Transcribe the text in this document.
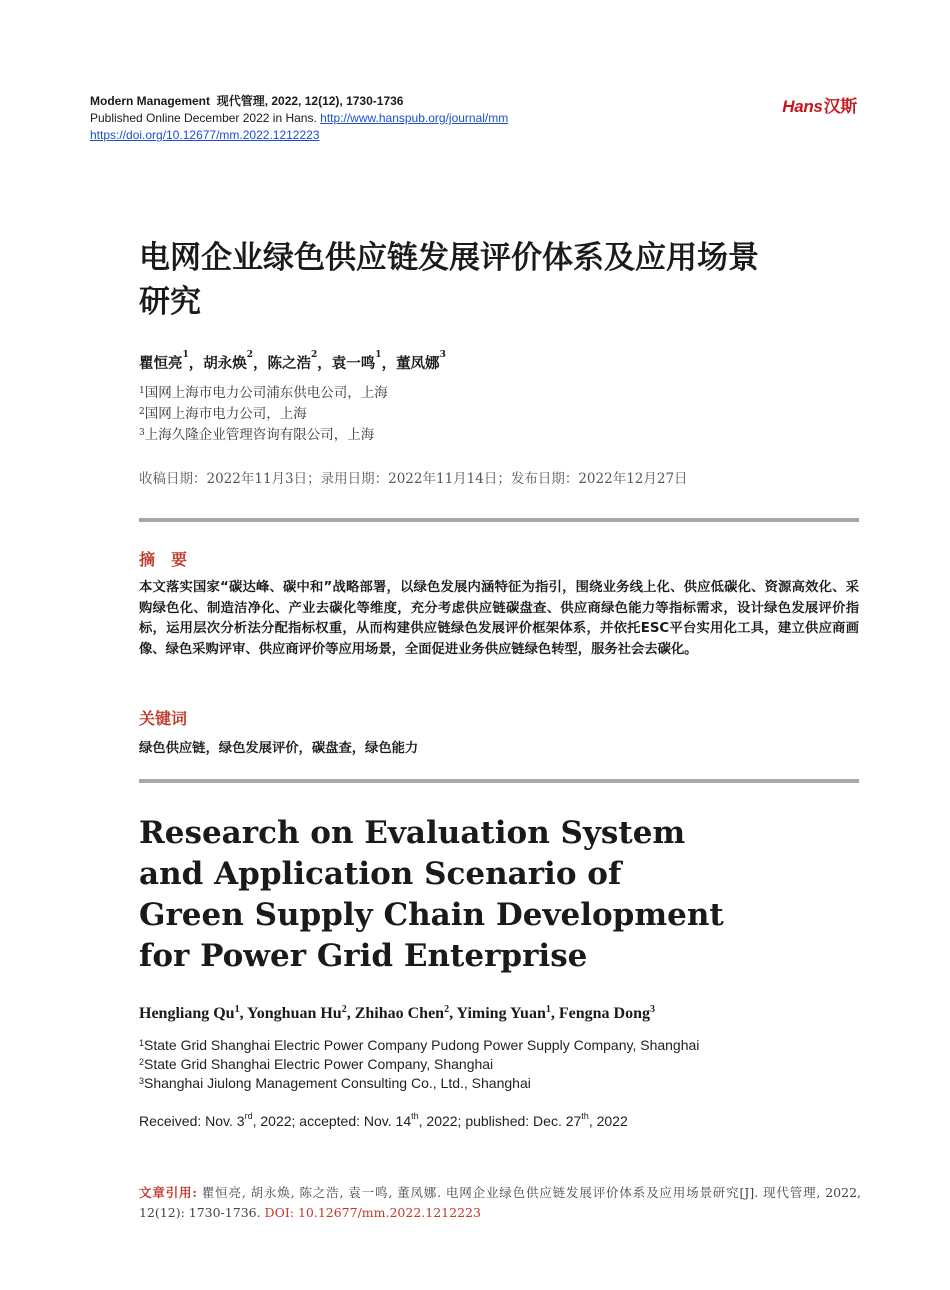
Modern Management 现代管理, 2022, 12(12), 1730-1736
Published Online December 2022 in Hans. http://www.hanspub.org/journal/mm
https://doi.org/10.12677/mm.2022.1212223
Hans汉斯
电网企业绿色供应链发展评价体系及应用场景研究
瞿恒亮$^1$，胡永焕$^2$，陈之浩$^2$，袁一鸣$^1$，董凤娜$^3$
$^1$国网上海市电力公司浦东供电公司，上海
$^2$国网上海市电力公司，上海
$^3$上海久隆企业管理咨询有限公司，上海
收稿日期：2022年11月3日；录用日期：2022年11月14日；发布日期：2022年12月27日
摘　要
本文落实国家“碳达峰、碳中和”战略部署，以绿色发展内涵特征为指引，围绕业务线上化、供应低碳化、资源高效化、采购绿色化、制造洁净化、产业去碳化等维度，充分考虑供应链碳盘查、供应商绿色能力等指标需求，设计绿色发展评价指标，运用层次分析法分配指标权重，从而构建供应链绿色发展评价框架体系，并依托ESC平台实用化工具，建立供应商画像、绿色采购评审、供应商评价等应用场景，全面促进业务供应链绿色转型，服务社会去碳化。
关键词
绿色供应链，绿色发展评价，碳盘查，绿色能力
Research on Evaluation System
and Application Scenario of
Green Supply Chain Development
for Power Grid Enterprise
Hengliang Qu$^1$, Yonghuan Hu$^2$, Zhihao Chen$^2$, Yiming Yuan$^1$, Fengna Dong$^3$
$^1$State Grid Shanghai Electric Power Company Pudong Power Supply Company, Shanghai
$^2$State Grid Shanghai Electric Power Company, Shanghai
$^3$Shanghai Jiulong Management Consulting Co., Ltd., Shanghai
Received: Nov. 3rd, 2022; accepted: Nov. 14th, 2022; published: Dec. 27th, 2022
文章引用: 瞿恒亮, 胡永焕, 陈之浩, 袁一鸣, 董凤娜. 电网企业绿色供应链发展评价体系及应用场景研究[J]. 现代管理, 2022, 12(12): 1730-1736. DOI: 10.12677/mm.2022.1212223
